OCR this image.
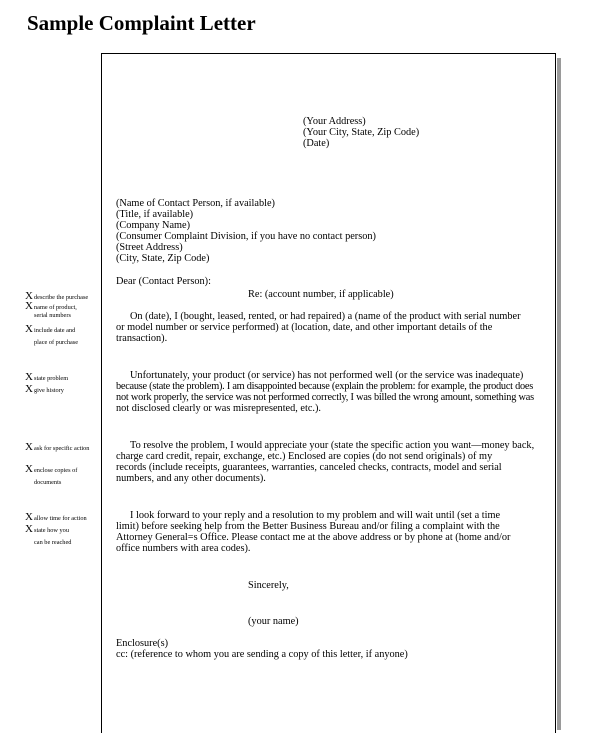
Sample Complaint Letter
(Your Address)
(Your City, State, Zip Code)
(Date)
(Name of Contact Person, if available)
(Title, if available)
(Company Name)
(Consumer Complaint Division, if you have no contact person)
(Street Address)
(City, State, Zip Code)
Dear (Contact Person):
Re: (account number, if applicable)
On (date), I (bought, leased, rented, or had repaired) a (name of the product with serial number
or model number or service performed) at (location, date, and other important details of the
transaction).
Unfortunately, your product (or service) has not performed well (or the service was inadequate)
because (state the problem). I am disappointed because (explain the problem: for example, the product does
not work properly, the service was not performed correctly, I was billed the wrong amount, something was
not disclosed clearly or was misrepresented, etc.).
To resolve the problem, I would appreciate your (state the specific action you want—money back,
charge card credit, repair, exchange, etc.) Enclosed are copies (do not send originals) of my
records (include receipts, guarantees, warranties, canceled checks, contracts, model and serial
numbers, and any other documents).
I look forward to your reply and a resolution to my problem and will wait until (set a time
limit) before seeking help from the Better Business Bureau and/or filing a complaint with the
Attorney General=s Office. Please contact me at the above address or by phone at (home and/or
office numbers with area codes).
Sincerely,
(your name)
Enclosure(s)
cc: (reference to whom you are sending a copy of this letter, if anyone)
Xdescribe the purchase
Xname of product,
serial numbers
Xinclude date and
place of purchase
Xstate problem
Xgive history
Xask for specific action
Xenclose copies of
documents
Xallow time for action
Xstate how you
can be reached
